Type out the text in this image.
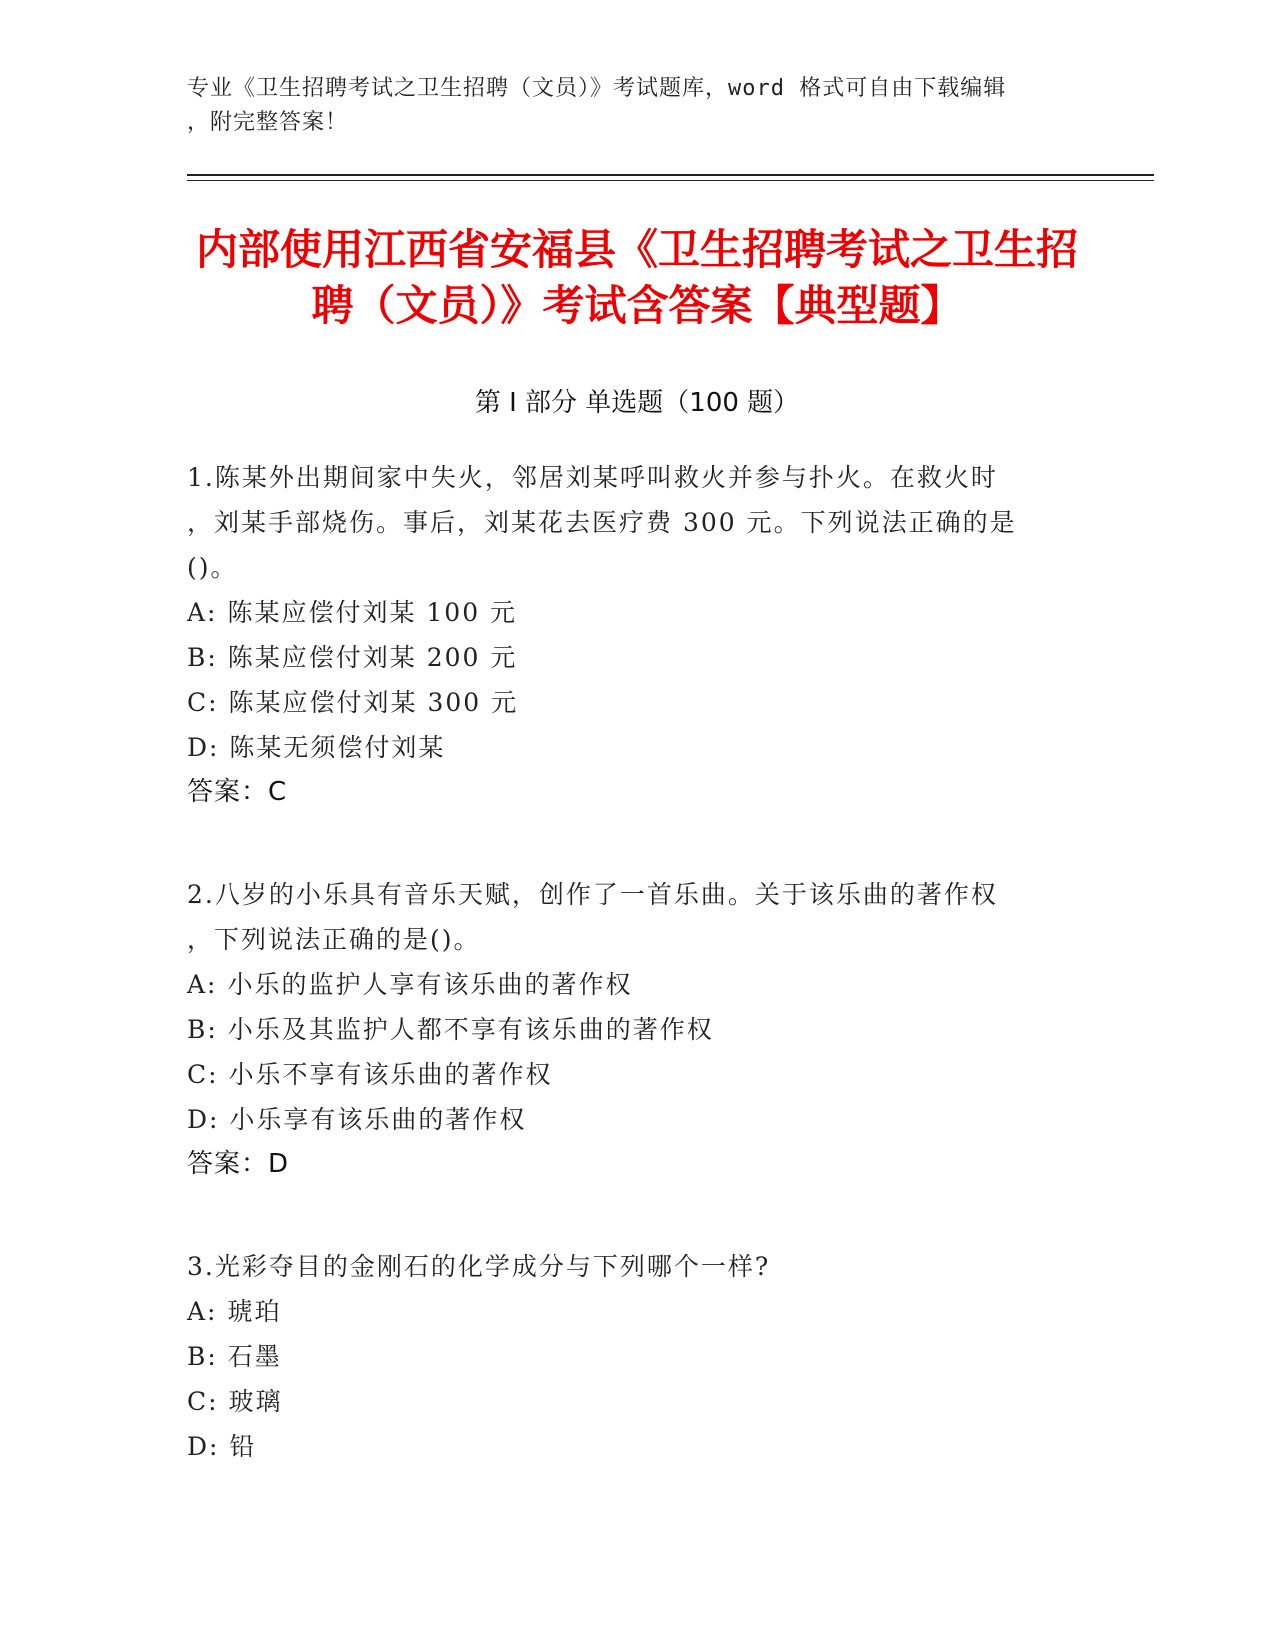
专业《卫生招聘考试之卫生招聘（文员）》考试题库，word 格式可自由下载编辑
，附完整答案！
内部使用江西省安福县《卫生招聘考试之卫生招聘（文员）》考试含答案【典型题】
第 I 部分 单选题（100 题）
1.陈某外出期间家中失火，邻居刘某呼叫救火并参与扑火。在救火时
，刘某手部烧伤。事后，刘某花去医疗费 300 元。下列说法正确的是
()。
A: 陈某应偿付刘某 100 元
B: 陈某应偿付刘某 200 元
C: 陈某应偿付刘某 300 元
D: 陈某无须偿付刘某
答案：C
2.八岁的小乐具有音乐天赋，创作了一首乐曲。关于该乐曲的著作权
，下列说法正确的是()。
A: 小乐的监护人享有该乐曲的著作权
B: 小乐及其监护人都不享有该乐曲的著作权
C: 小乐不享有该乐曲的著作权
D: 小乐享有该乐曲的著作权
答案：D
3.光彩夺目的金刚石的化学成分与下列哪个一样?
A: 琥珀
B: 石墨
C: 玻璃
D: 铅
